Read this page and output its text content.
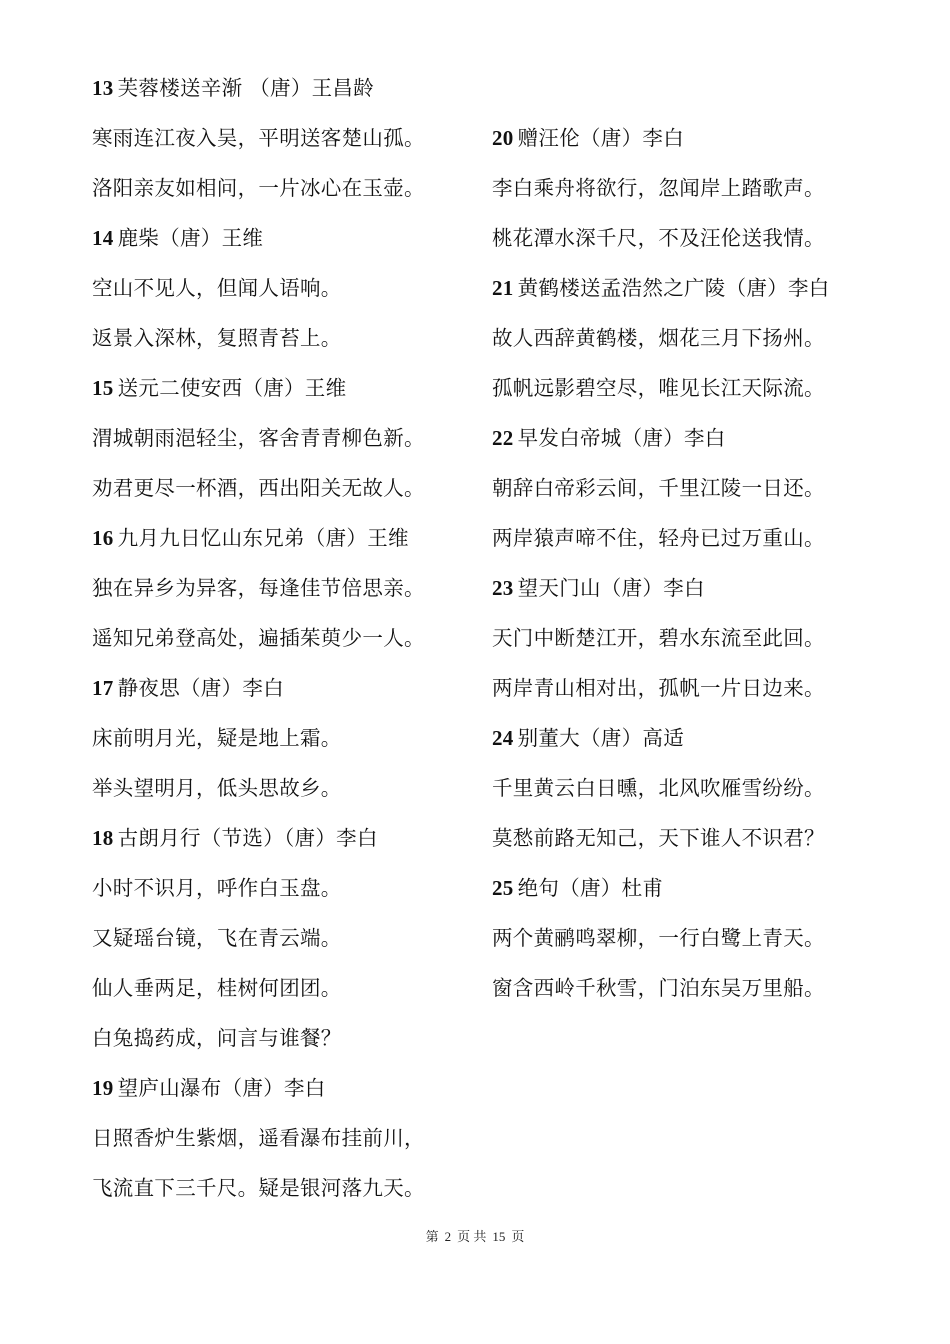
13 芙蓉楼送辛渐 （唐）王昌龄
寒雨连江夜入吴，平明送客楚山孤。
洛阳亲友如相问，一片冰心在玉壶。
14 鹿柴（唐）王维
空山不见人，但闻人语响。
返景入深林，复照青苔上。
15 送元二使安西（唐）王维
渭城朝雨浥轻尘，客舍青青柳色新。
劝君更尽一杯酒，西出阳关无故人。
16 九月九日忆山东兄弟（唐）王维
独在异乡为异客，每逢佳节倍思亲。
遥知兄弟登高处，遍插茱萸少一人。
17 静夜思（唐）李白
床前明月光，疑是地上霜。
举头望明月，低头思故乡。
18 古朗月行（节选）（唐）李白
小时不识月，呼作白玉盘。
又疑瑶台镜，飞在青云端。
仙人垂两足，桂树何团团。
白兔捣药成，问言与谁餐？
19 望庐山瀑布（唐）李白
日照香炉生紫烟，遥看瀑布挂前川，
飞流直下三千尺。疑是银河落九天。
20 赠汪伦（唐）李白
李白乘舟将欲行，忽闻岸上踏歌声。
桃花潭水深千尺，不及汪伦送我情。
21 黄鹤楼送孟浩然之广陵（唐）李白
故人西辞黄鹤楼，烟花三月下扬州。
孤帆远影碧空尽，唯见长江天际流。
22 早发白帝城（唐）李白
朝辞白帝彩云间，千里江陵一日还。
两岸猿声啼不住，轻舟已过万重山。
23 望天门山（唐）李白
天门中断楚江开，碧水东流至此回。
两岸青山相对出，孤帆一片日边来。
24 别董大（唐）高适
千里黄云白日曛，北风吹雁雪纷纷。
莫愁前路无知己，天下谁人不识君？
25 绝句（唐）杜甫
两个黄鹂鸣翠柳，一行白鹭上青天。
窗含西岭千秋雪，门泊东吴万里船。
第 2 页 共 15 页
